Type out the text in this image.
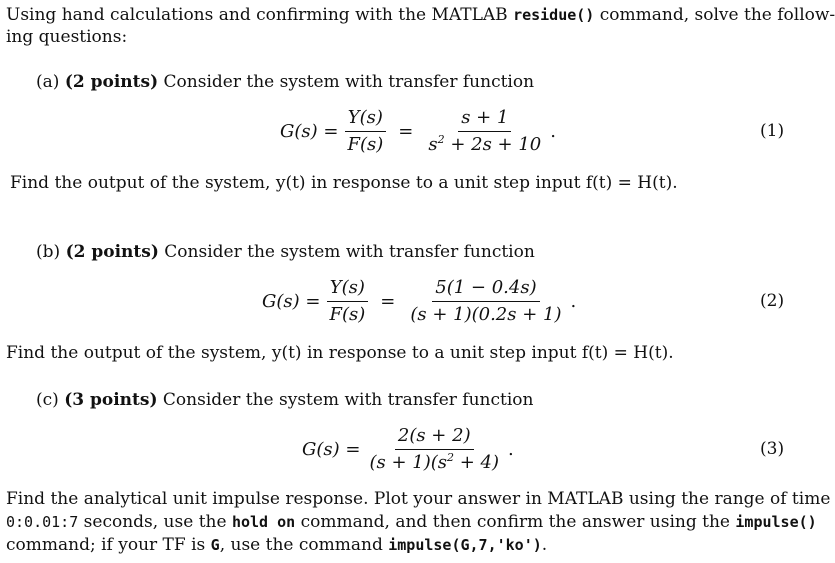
Using hand calculations and confirming with the MATLAB residue() command, solve the follow-
ing questions:
(a) (2 points) Consider the system with transfer function
$G(s) = \frac{Y(s)}{F(s)} = \frac{s + 1}{s^2 + 2s + 10}$ .	(1)
Find the output of the system, y(t) in response to a unit step input f(t) = H(t).
(b) (2 points) Consider the system with transfer function
$G(s) = \frac{Y(s)}{F(s)} = \frac{5(1 - 0.4s)}{(s + 1)(0.2s + 1)}$ .	(2)
Find the output of the system, y(t) in response to a unit step input f(t) = H(t).
(c) (3 points) Consider the system with transfer function
$G(s) = \frac{2(s + 2)}{(s + 1)(s^2 + 4)}$ .	(3)
Find the analytical unit impulse response. Plot your answer in MATLAB using the range of time
0:0.01:7 seconds, use the hold on command, and then confirm the answer using the impulse()
command; if your TF is G, use the command impulse(G,7,'ko').
